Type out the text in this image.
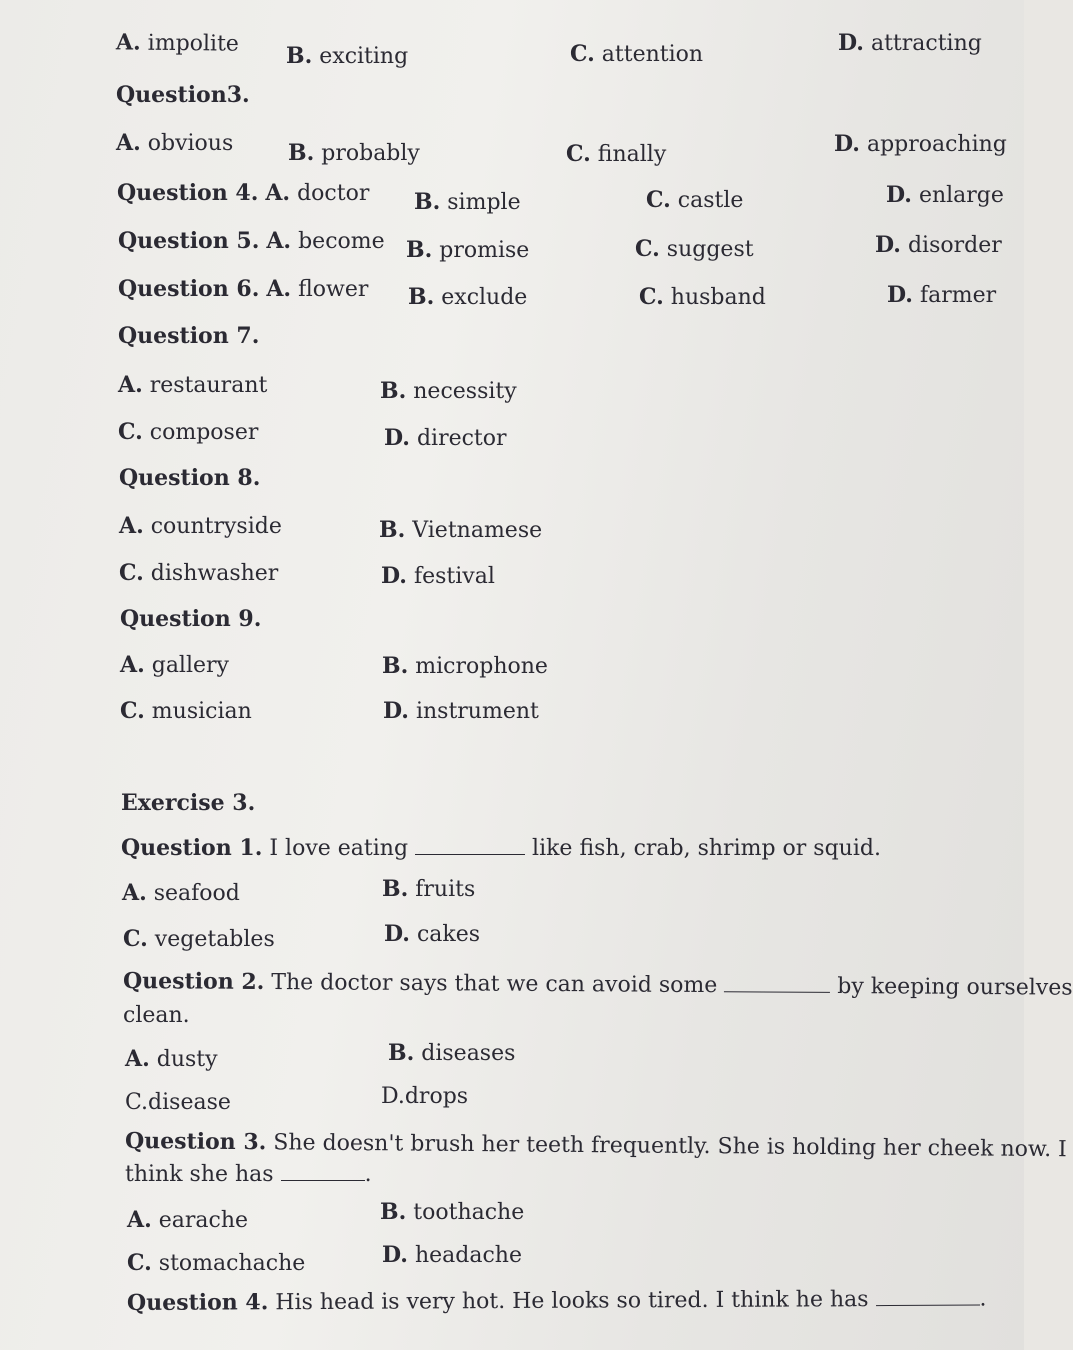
A. impolite B. exciting	C. attention	D. attracting
Question3.
A. obvious B. probably	C. finally	D. approaching
Question 4. A. doctor B. simple	C. castle	D. enlarge
Question 5. A. become B. promise	C. suggest	D. disorder
Question 6. A. flower B. exclude	C. husband	D. farmer
Question 7.
A. restaurant	B. necessity
C. composer	D. director
Question 8.
A. countryside	B. Vietnamese
C. dishwasher	D. festival
Question 9.
A. gallery	B. microphone
C. musician	D. instrument
Exercise 3.
Question 1. I love eating	like fish, crab, shrimp or squid.
A. seafood	B. fruits
C. vegetables	D. cakes
Question 2. The doctor says that we can avoid some	by keeping ourselves
clean.
A. dusty	B. diseases
C.disease	D.drops
Question 3. She doesn't brush her teeth frequently. She is holding her cheek now. I
think she has	.
A. earache	B. toothache
C. stomachache	D. headache
Question 4. His head is very hot. He looks so tired. I think he has	.
